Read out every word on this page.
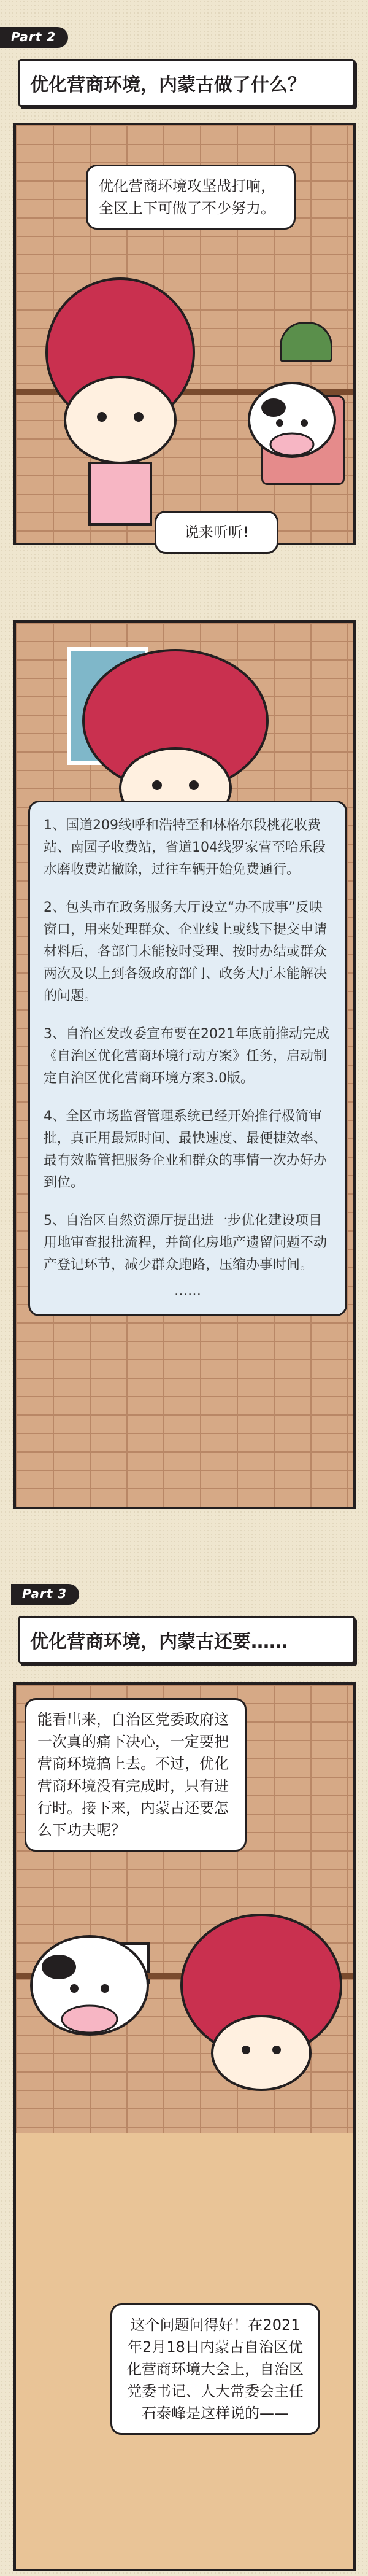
Part 2
优化营商环境，内蒙古做了什么？
优化营商环境攻坚战打响，全区上下可做了不少努力。
说来听听!

1、国道209线呼和浩特至和林格尔段桃花收费站、南园子收费站，省道104线罗家营至哈乐段水磨收费站撤除，过往车辆开始免费通行。

2、包头市在政务服务大厅设立“办不成事”反映窗口，用来处理群众、企业线上或线下提交申请材料后，各部门未能按时受理、按时办结或群众两次及以上到各级政府部门、政务大厅未能解决的问题。

3、自治区发改委宣布要在2021年底前推动完成《自治区优化营商环境行动方案》任务，启动制定自治区优化营商环境方案3.0版。

4、全区市场监督管理系统已经开始推行极简审批，真正用最短时间、最快速度、最便捷效率、最有效监管把服务企业和群众的事情一次办好办到位。

5、自治区自然资源厅提出进一步优化建设项目用地审查报批流程，并简化房地产遗留问题不动产登记环节，减少群众跑路，压缩办事时间。

……
Part 3
优化营商环境，内蒙古还要……
能看出来，自治区党委政府这一次真的痛下决心，一定要把营商环境搞上去。不过，优化营商环境没有完成时，只有进行时。接下来，内蒙古还要怎么下功夫呢？
这个问题问得好！在2021年2月18日内蒙古自治区优化营商环境大会上，自治区党委书记、人大常委会主任石泰峰是这样说的——
